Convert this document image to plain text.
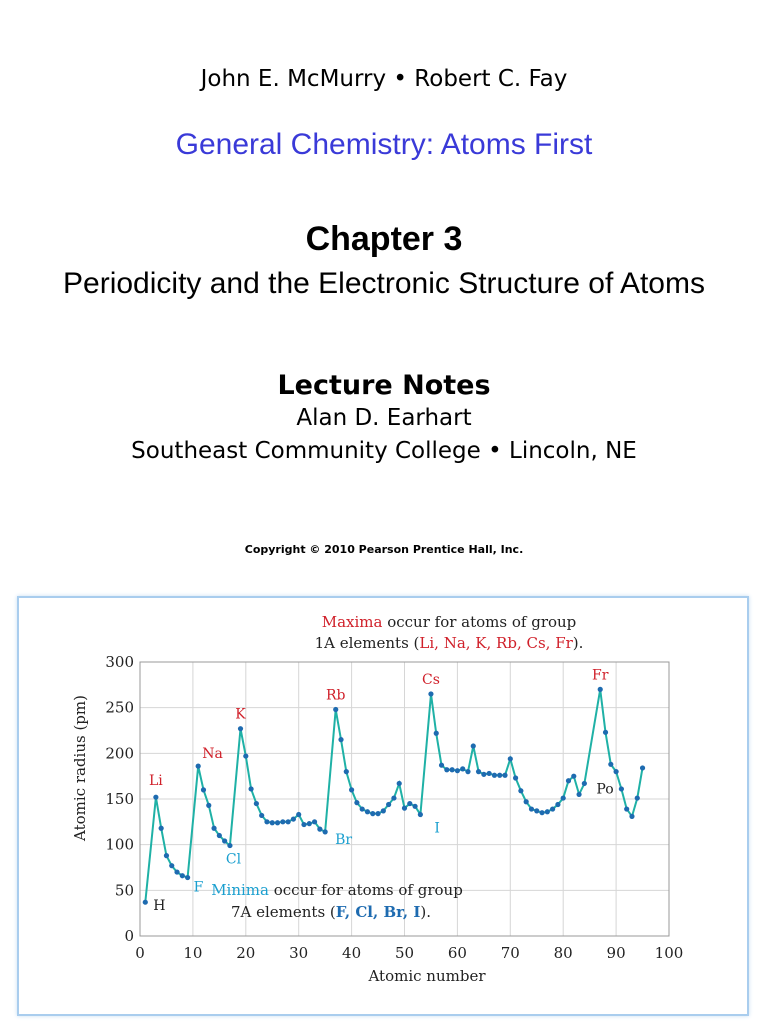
John E. McMurry • Robert C. Fay
General Chemistry: Atoms First
Chapter 3
Periodicity and the Electronic Structure of Atoms
Lecture Notes
Alan D. Earhart
Southeast Community College • Lincoln, NE
Copyright © 2010 Pearson Prentice Hall, Inc.
0
50
100
150
200
250
300
0	10 20 30 40 50 60 70 80 90 100
H
Li
F
Na
Cl
K
Br
Rb
I
Cs	Fr
Po
Atomic number
Atomic radius (pm)
Maxima occur for atoms of group
1A elements (Li, Na, K, Rb, Cs, Fr).
Minima occur for atoms of group
7A elements (F, Cl, Br, I).
